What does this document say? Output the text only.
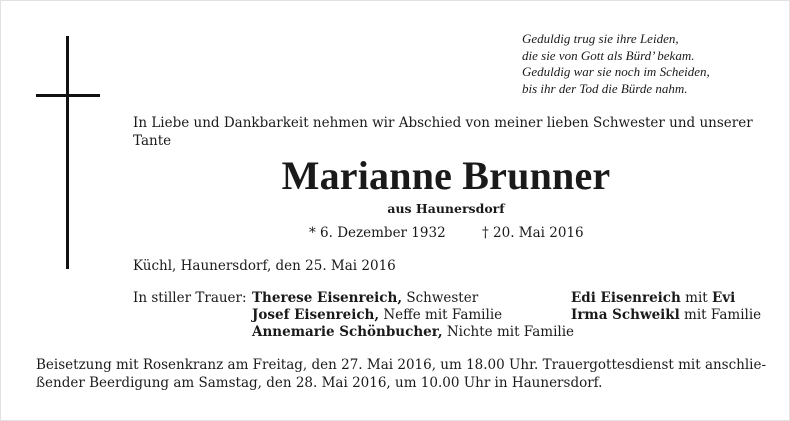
Geduldig trug sie ihre Leiden,
die sie von Gott als Bürd’ bekam.
Geduldig war sie noch im Scheiden,
bis ihr der Tod die Bürde nahm.
In Liebe und Dankbarkeit nehmen wir Abschied von meiner lieben Schwester und unserer
Tante
Marianne Brunner
aus Haunersdorf
* 6. Dezember 1932	† 20. Mai 2016
Küchl, Haunersdorf, den 25. Mai 2016
In stiller Trauer: Therese Eisenreich, Schwester
Josef Eisenreich, Neffe mit Familie
Annemarie Schönbucher, Nichte mit Familie
Edi Eisenreich mit Evi
Irma Schweikl mit Familie
Beisetzung mit Rosenkranz am Freitag, den 27. Mai 2016, um 18.00 Uhr. Trauergottesdienst mit anschlie-
ßender Beerdigung am Samstag, den 28. Mai 2016, um 10.00 Uhr in Haunersdorf.
